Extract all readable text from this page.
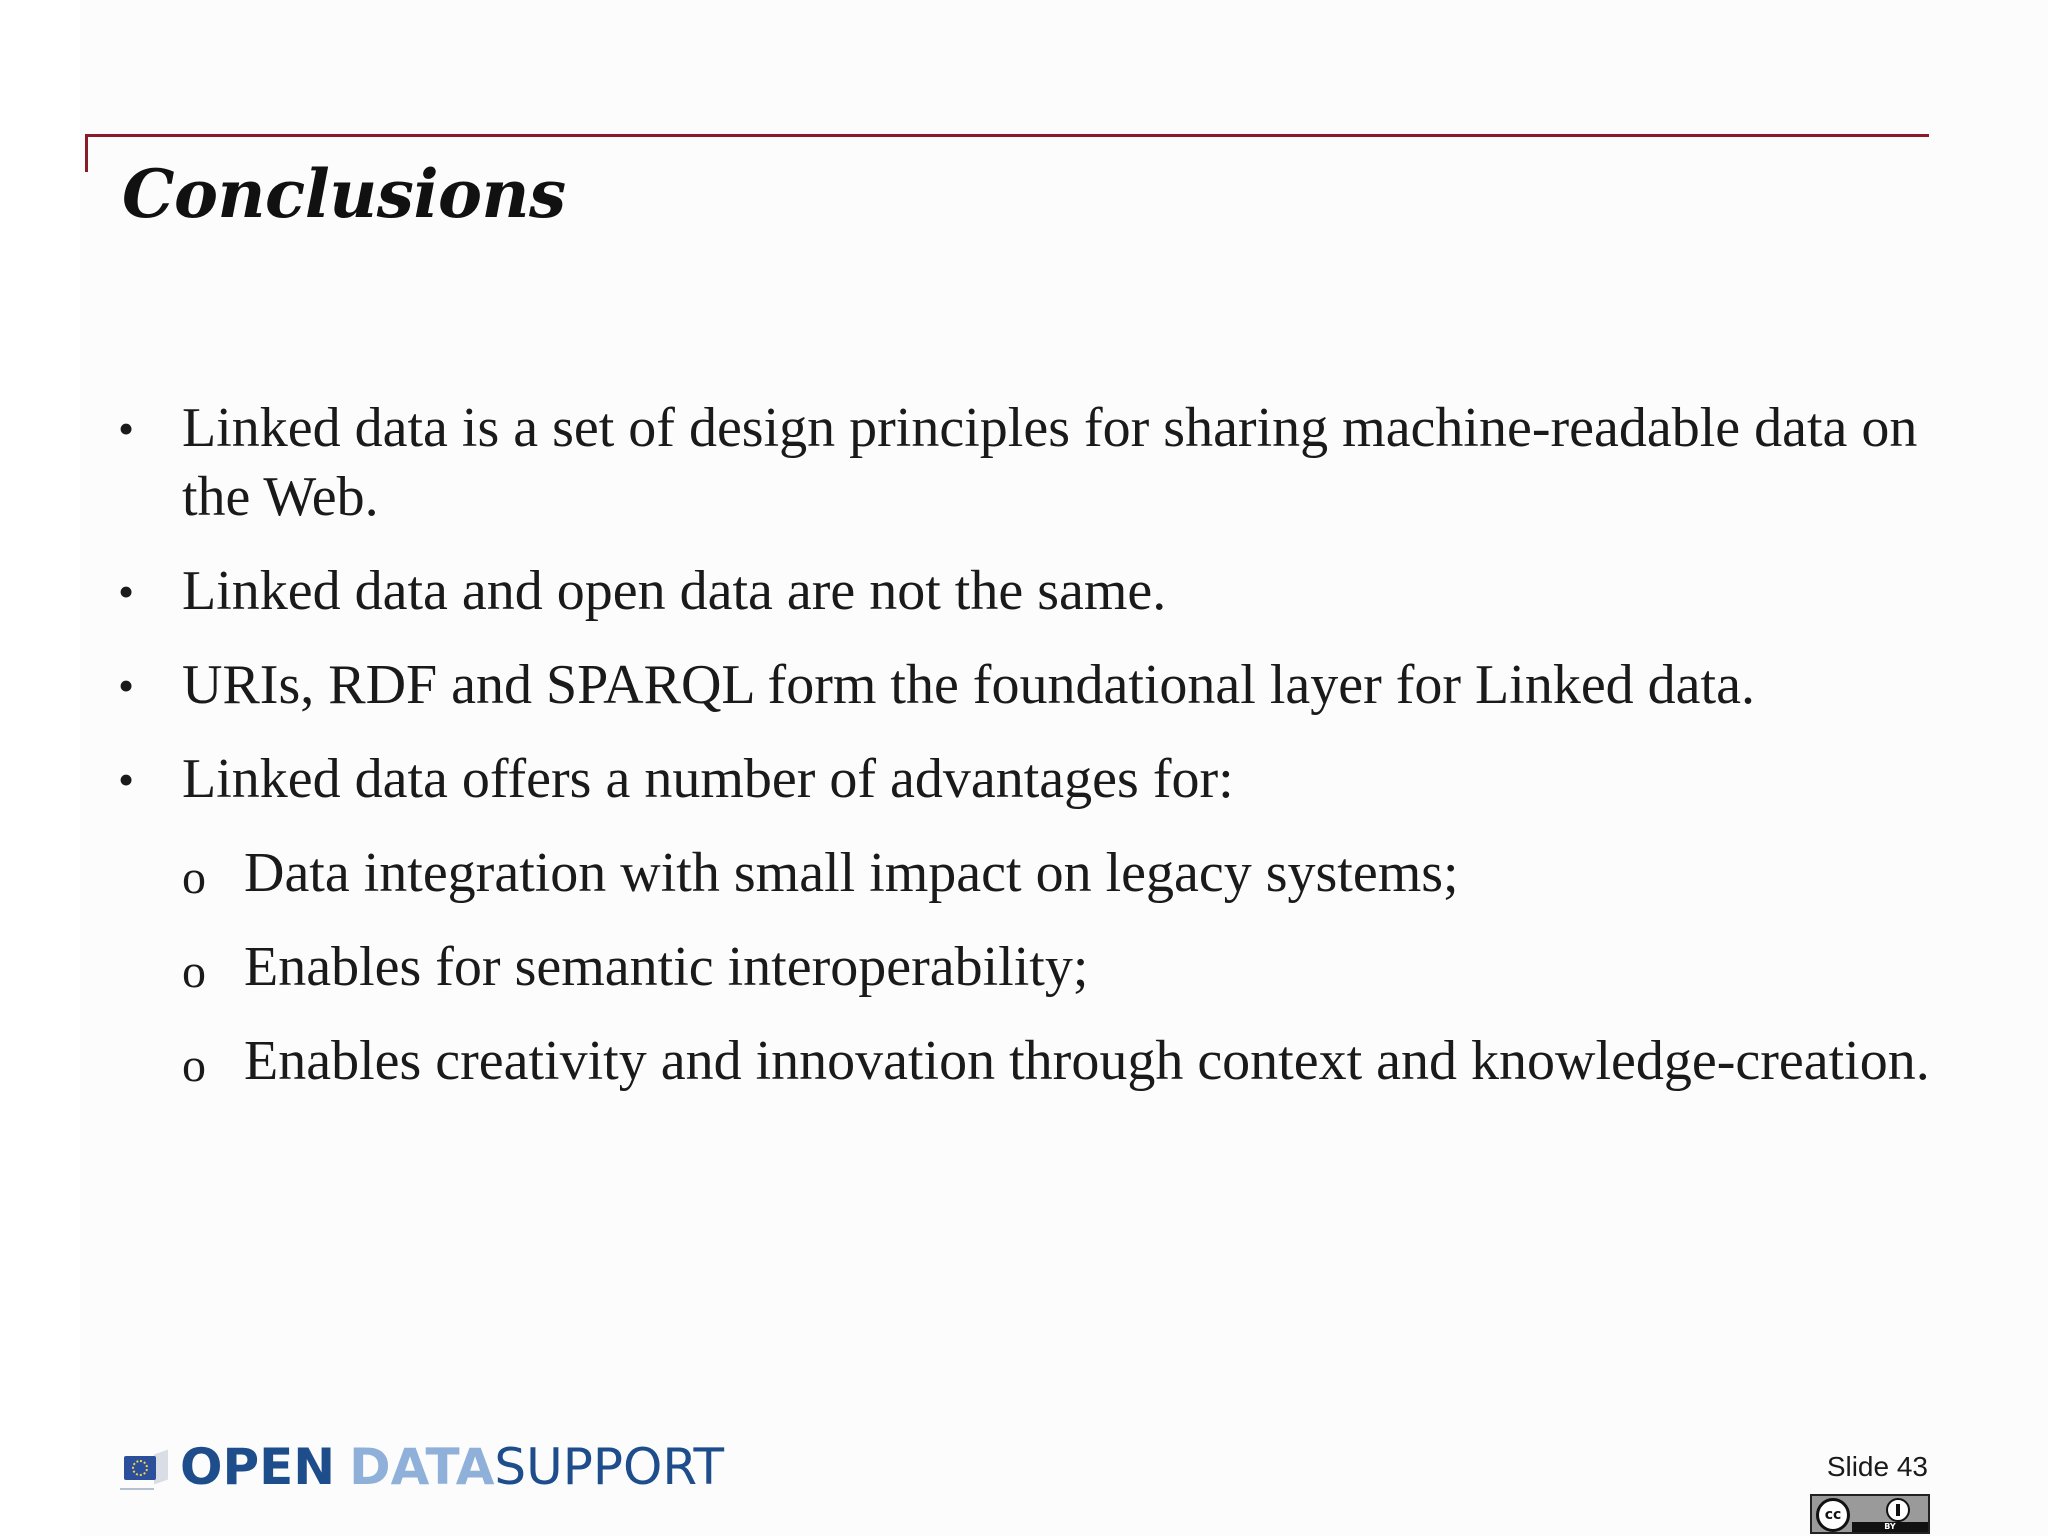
Conclusions
• Linked data is a set of design principles for sharing machine-readable data on the Web.
• Linked data and open data are not the same.
• URIs, RDF and SPARQL form the foundational layer for Linked data.
• Linked data offers a number of advantages for:
o Data integration with small impact on legacy systems;
o Enables for semantic interoperability;
o Enables creativity and innovation through context and knowledge-creation.
OPEN DATASUPPORT	Slide 43
cc
BY
